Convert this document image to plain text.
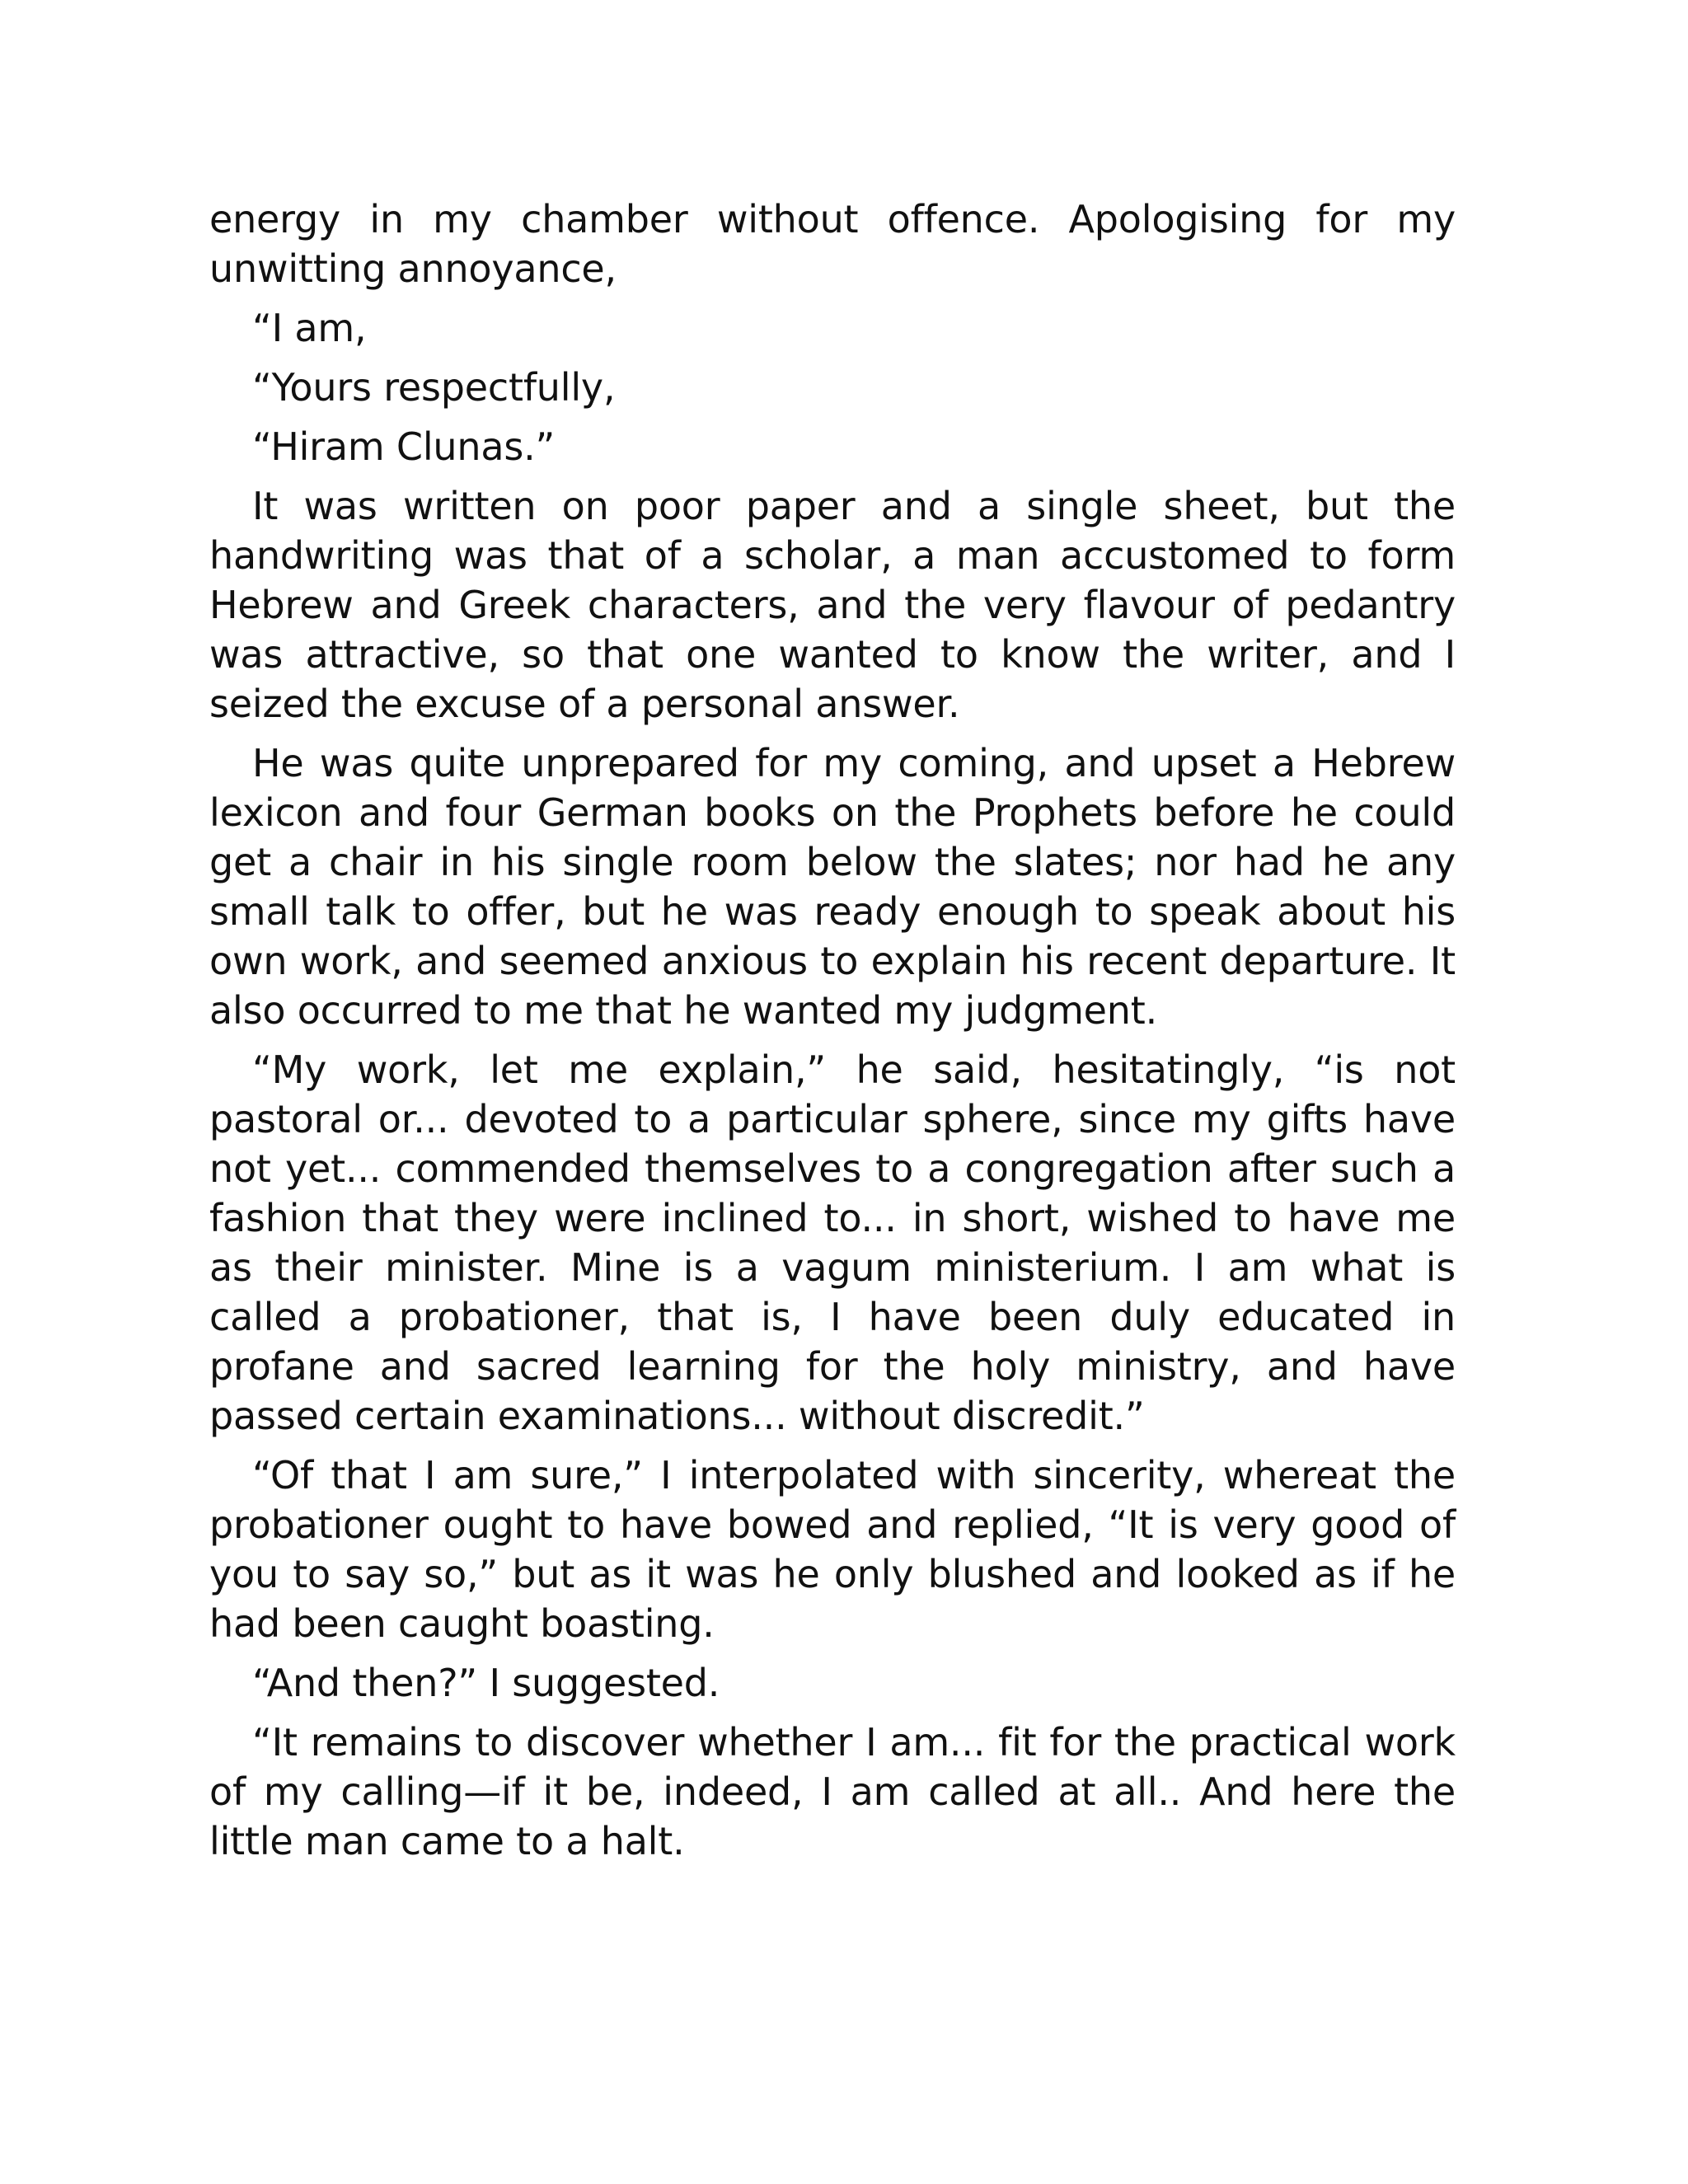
energy in my chamber without offence. Apologising for my unwitting annoyance,

“I am,

“Yours respectfully,

“Hiram Clunas.”

It was written on poor paper and a single sheet, but the handwriting was that of a scholar, a man accustomed to form Hebrew and Greek characters, and the very flavour of pedantry was attractive, so that one wanted to know the writer, and I seized the excuse of a personal answer.

He was quite unprepared for my coming, and upset a Hebrew lexicon and four German books on the Prophets before he could get a chair in his single room below the slates; nor had he any small talk to offer, but he was ready enough to speak about his own work, and seemed anxious to explain his recent departure. It also occurred to me that he wanted my judgment.

“My work, let me explain,” he said, hesitatingly, “is not pastoral or... devoted to a particular sphere, since my gifts have not yet... commended themselves to a congregation after such a fashion that they were inclined to... in short, wished to have me as their minister. Mine is a vagum ministerium. I am what is called a probationer, that is, I have been duly educated in profane and sacred learning for the holy ministry, and have passed certain examinations... without discredit.”

“Of that I am sure,” I interpolated with sincerity, whereat the probationer ought to have bowed and replied, “It is very good of you to say so,” but as it was he only blushed and looked as if he had been caught boasting.

“And then?” I suggested.

“It remains to discover whether I am... fit for the practical work of my calling—if it be, indeed, I am called at all.. And here the little man came to a halt.
